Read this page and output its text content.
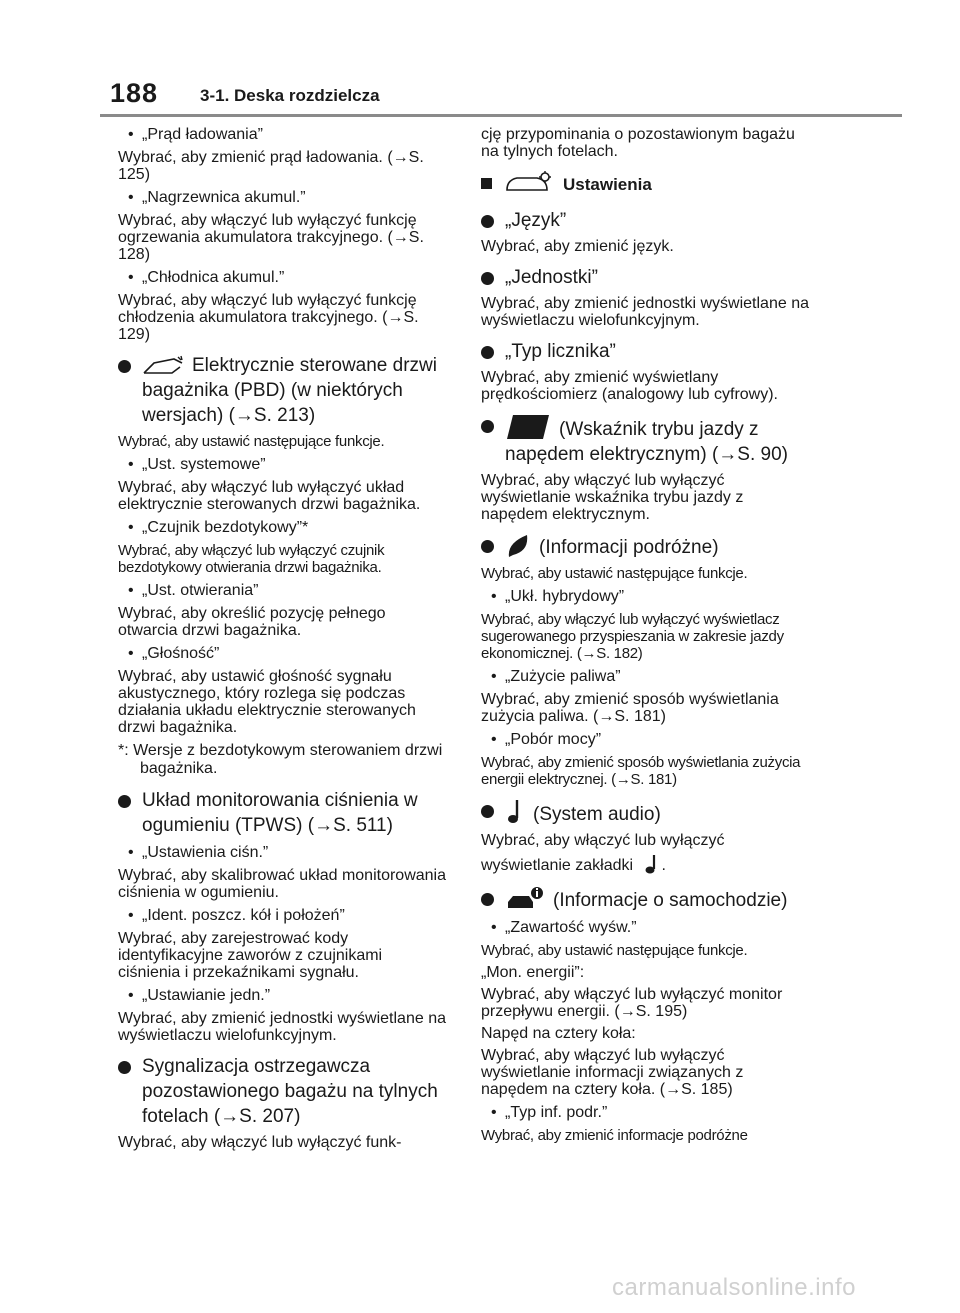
188 3-1. Deska rozdzielcza
• „Prąd ładowania”
Wybrać, aby zmienić prąd ładowania. (→S. 125)
• „Nagrzewnica akumul.”
Wybrać, aby włączyć lub wyłączyć funkcję ogrzewania akumulatora trakcyjnego. (→S. 128)
• „Chłodnica akumul.”
Wybrać, aby włączyć lub wyłączyć funkcję chłodzenia akumulatora trakcyjnego. (→S. 129)
Elektrycznie sterowane drzwi bagażnika (PBD) (w niektórych wersjach) (→S. 213)
Wybrać, aby ustawić następujące funkcje.
• „Ust. systemowe”
Wybrać, aby włączyć lub wyłączyć układ elektrycznie sterowanych drzwi bagażnika.
• „Czujnik bezdotykowy”*
Wybrać, aby włączyć lub wyłączyć czujnik bezdotykowy otwierania drzwi bagażnika.
• „Ust. otwierania”
Wybrać, aby określić pozycję pełnego otwarcia drzwi bagażnika.
• „Głośność”
Wybrać, aby ustawić głośność sygnału akustycznego, który rozlega się podczas działania układu elektrycznie sterowanych drzwi bagażnika.
*: Wersje z bezdotykowym sterowaniem drzwi bagażnika.
Układ monitorowania ciśnienia w ogumieniu (TPWS) (→S. 511)
• „Ustawienia ciśn.”
Wybrać, aby skalibrować układ monitorowania ciśnienia w ogumieniu.
• „Ident. poszcz. kół i położeń”
Wybrać, aby zarejestrować kody identyfikacyjne zaworów z czujnikami ciśnienia i przekaźnikami sygnału.
• „Ustawianie jedn.”
Wybrać, aby zmienić jednostki wyświetlane na wyświetlaczu wielofunkcyjnym.
Sygnalizacja ostrzegawcza pozostawionego bagażu na tylnych fotelach (→S. 207)
Wybrać, aby włączyć lub wyłączyć funk-
cję przypominania o pozostawionym bagażu na tylnych fotelach.
Ustawienia
„Język”
Wybrać, aby zmienić język.
„Jednostki”
Wybrać, aby zmienić jednostki wyświetlane na wyświetlaczu wielofunkcyjnym.
„Typ licznika”
Wybrać, aby zmienić wyświetlany prędkościomierz (analogowy lub cyfrowy).
(Wskaźnik trybu jazdy z napędem elektrycznym) (→S. 90)
Wybrać, aby włączyć lub wyłączyć wyświetlanie wskaźnika trybu jazdy z napędem elektrycznym.
(Informacji podróżne)
Wybrać, aby ustawić następujące funkcje.
• „Ukł. hybrydowy”
Wybrać, aby włączyć lub wyłączyć wyświetlacz sugerowanego przyspieszania w zakresie jazdy ekonomicznej. (→S. 182)
• „Zużycie paliwa”
Wybrać, aby zmienić sposób wyświetlania zużycia paliwa. (→S. 181)
• „Pobór mocy”
Wybrać, aby zmienić sposób wyświetlania zużycia energii elektrycznej. (→S. 181)
(System audio)
Wybrać, aby włączyć lub wyłączyć
wyświetlanie zakładki .
(Informacje o samochodzie)
• „Zawartość wyśw.”
Wybrać, aby ustawić następujące funkcje.
„Mon. energii”:
Wybrać, aby włączyć lub wyłączyć monitor przepływu energii. (→S. 195)
Napęd na cztery koła:
Wybrać, aby włączyć lub wyłączyć wyświetlanie informacji związanych z napędem na cztery koła. (→S. 185)
• „Typ inf. podr.”
Wybrać, aby zmienić informacje podróżne
carmanualsonline.info
